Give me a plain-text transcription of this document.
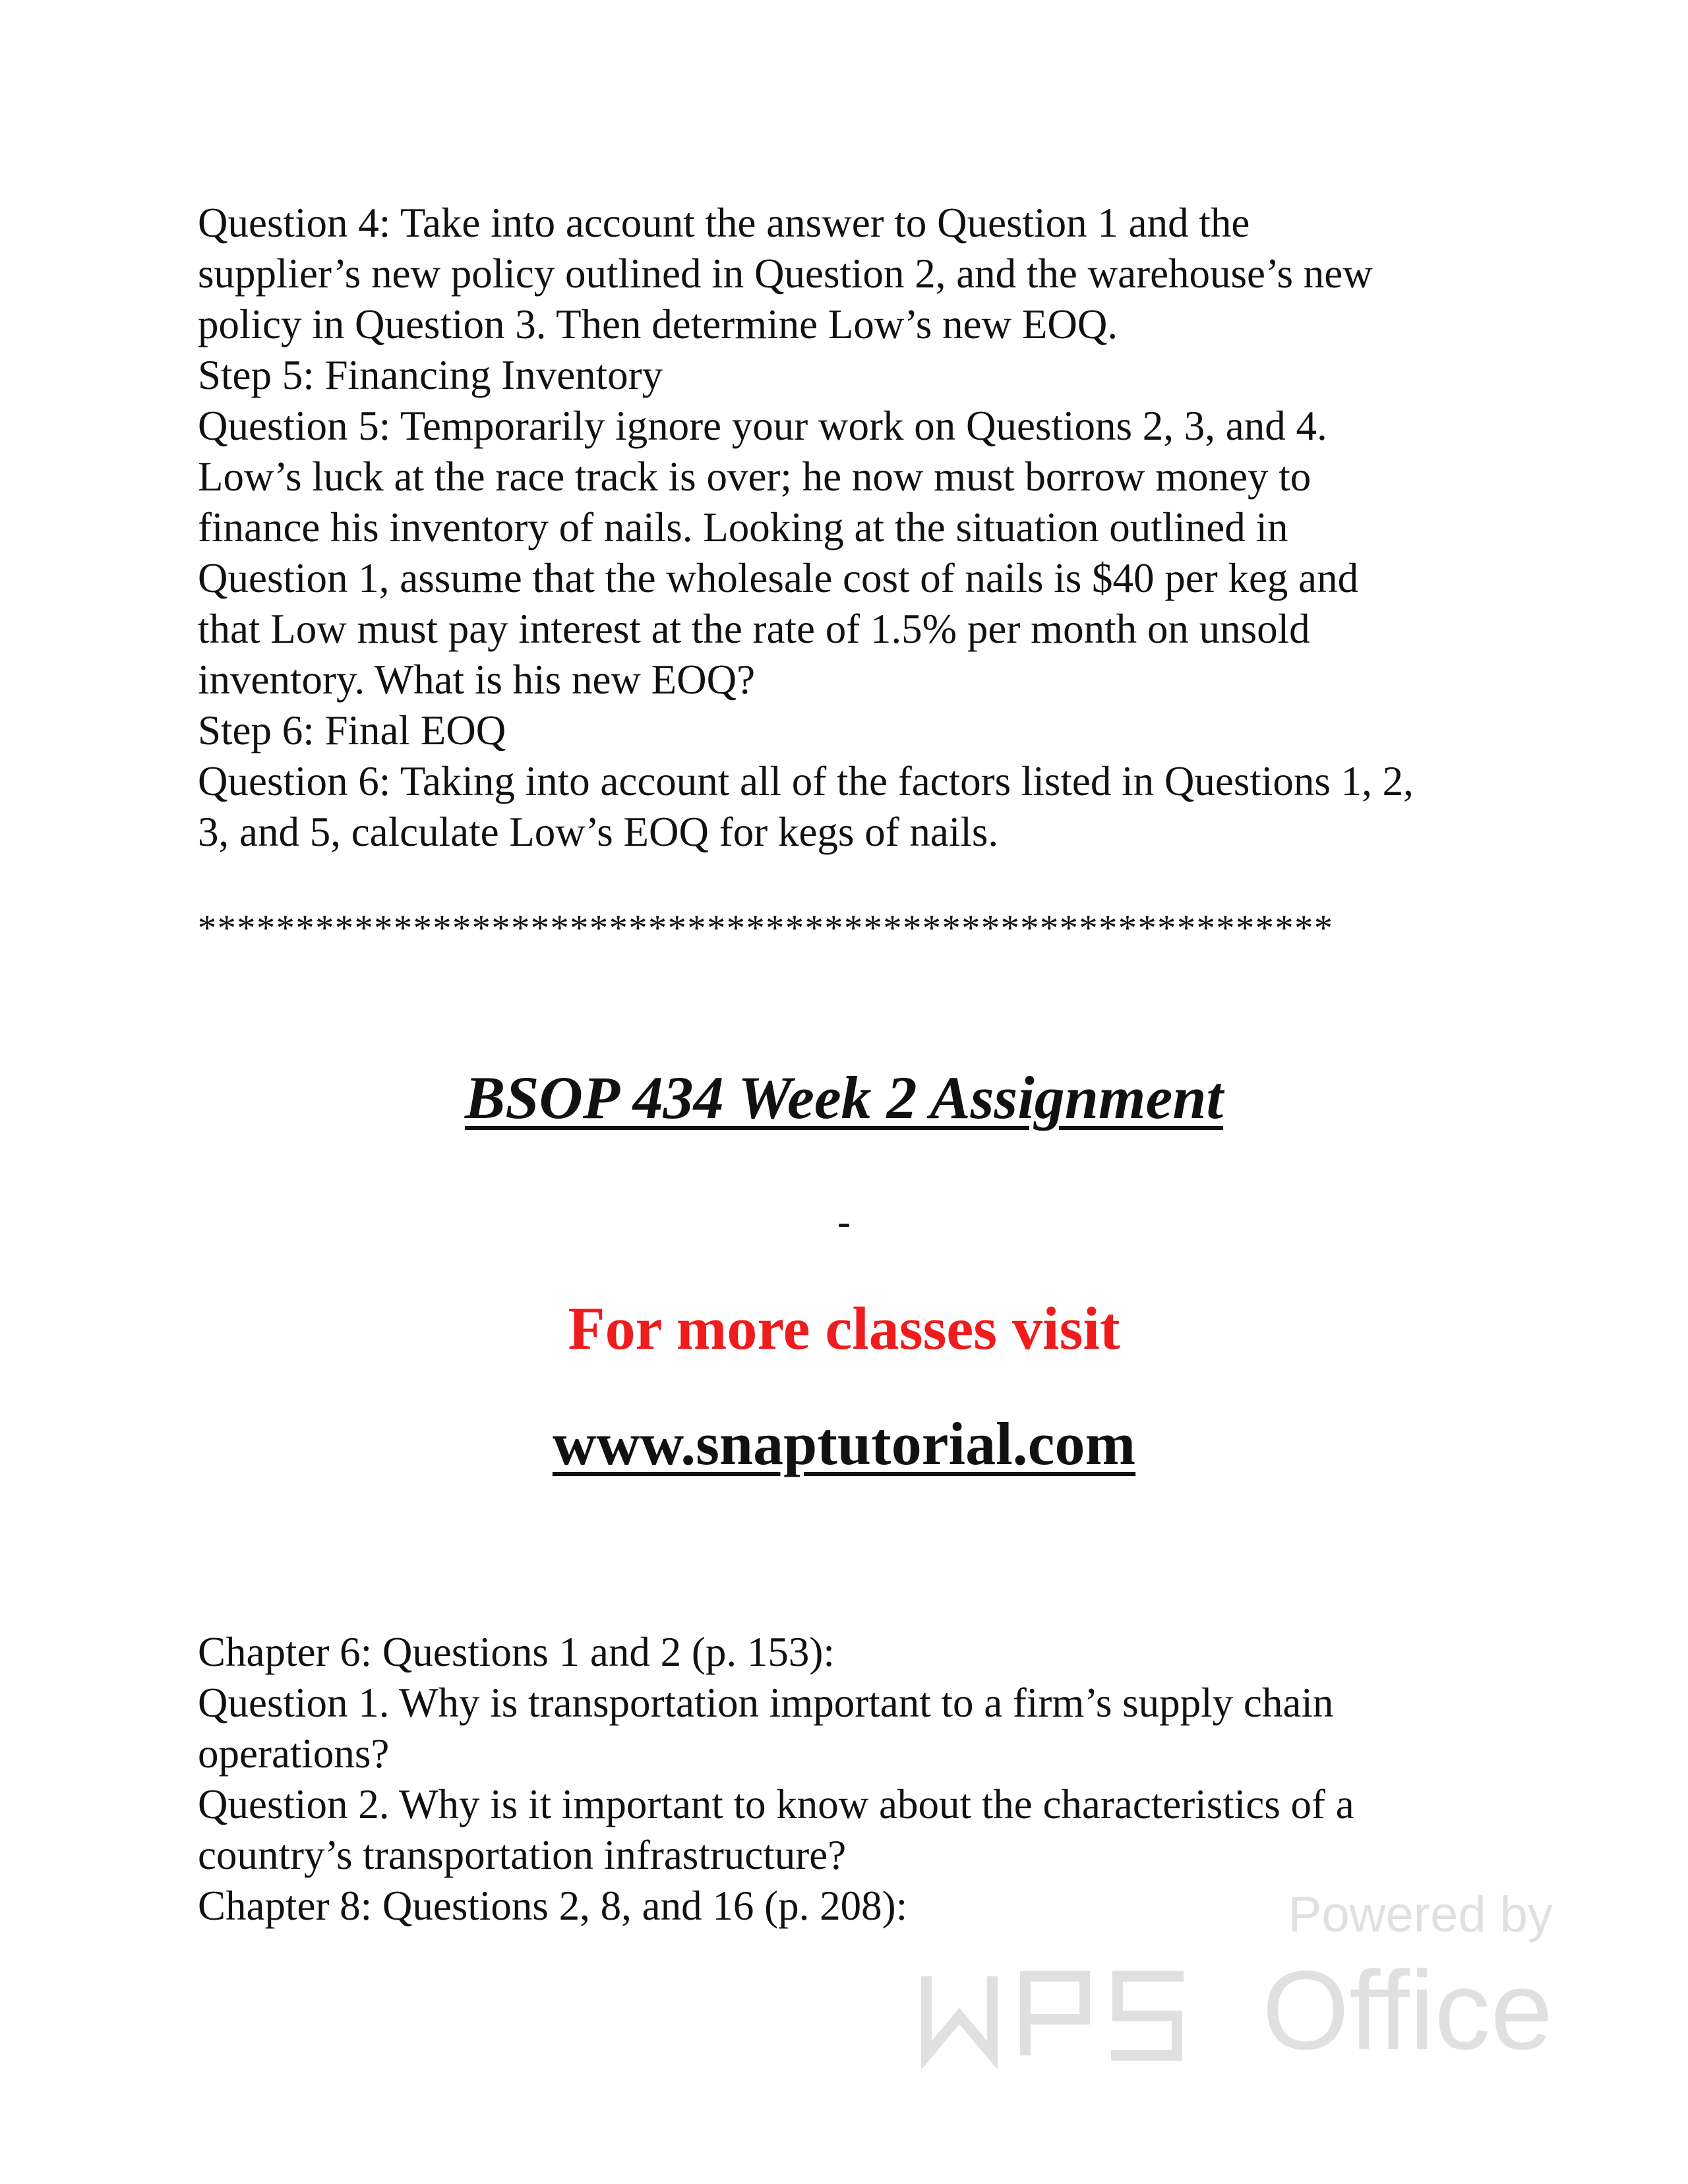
Question 4: Take into account the answer to Question 1 and the
supplier’s new policy outlined in Question 2, and the warehouse’s new
policy in Question 3. Then determine Low’s new EOQ.
Step 5: Financing Inventory
Question 5: Temporarily ignore your work on Questions 2, 3, and 4.
Low’s luck at the race track is over; he now must borrow money to
finance his inventory of nails. Looking at the situation outlined in
Question 1, assume that the wholesale cost of nails is $40 per keg and
that Low must pay interest at the rate of 1.5% per month on unsold
inventory. What is his new EOQ?
Step 6: Final EOQ
Question 6: Taking into account all of the factors listed in Questions 1, 2,
3, and 5, calculate Low’s EOQ for kegs of nails.
**********************************************************
BSOP 434 Week 2 Assignment
-
For more classes visit
www.snaptutorial.com
Chapter 6: Questions 1 and 2 (p. 153):
Question 1. Why is transportation important to a firm’s supply chain
operations?
Question 2. Why is it important to know about the characteristics of a
country’s transportation infrastructure?
Chapter 8: Questions 2, 8, and 16 (p. 208):	Powered by
Office
